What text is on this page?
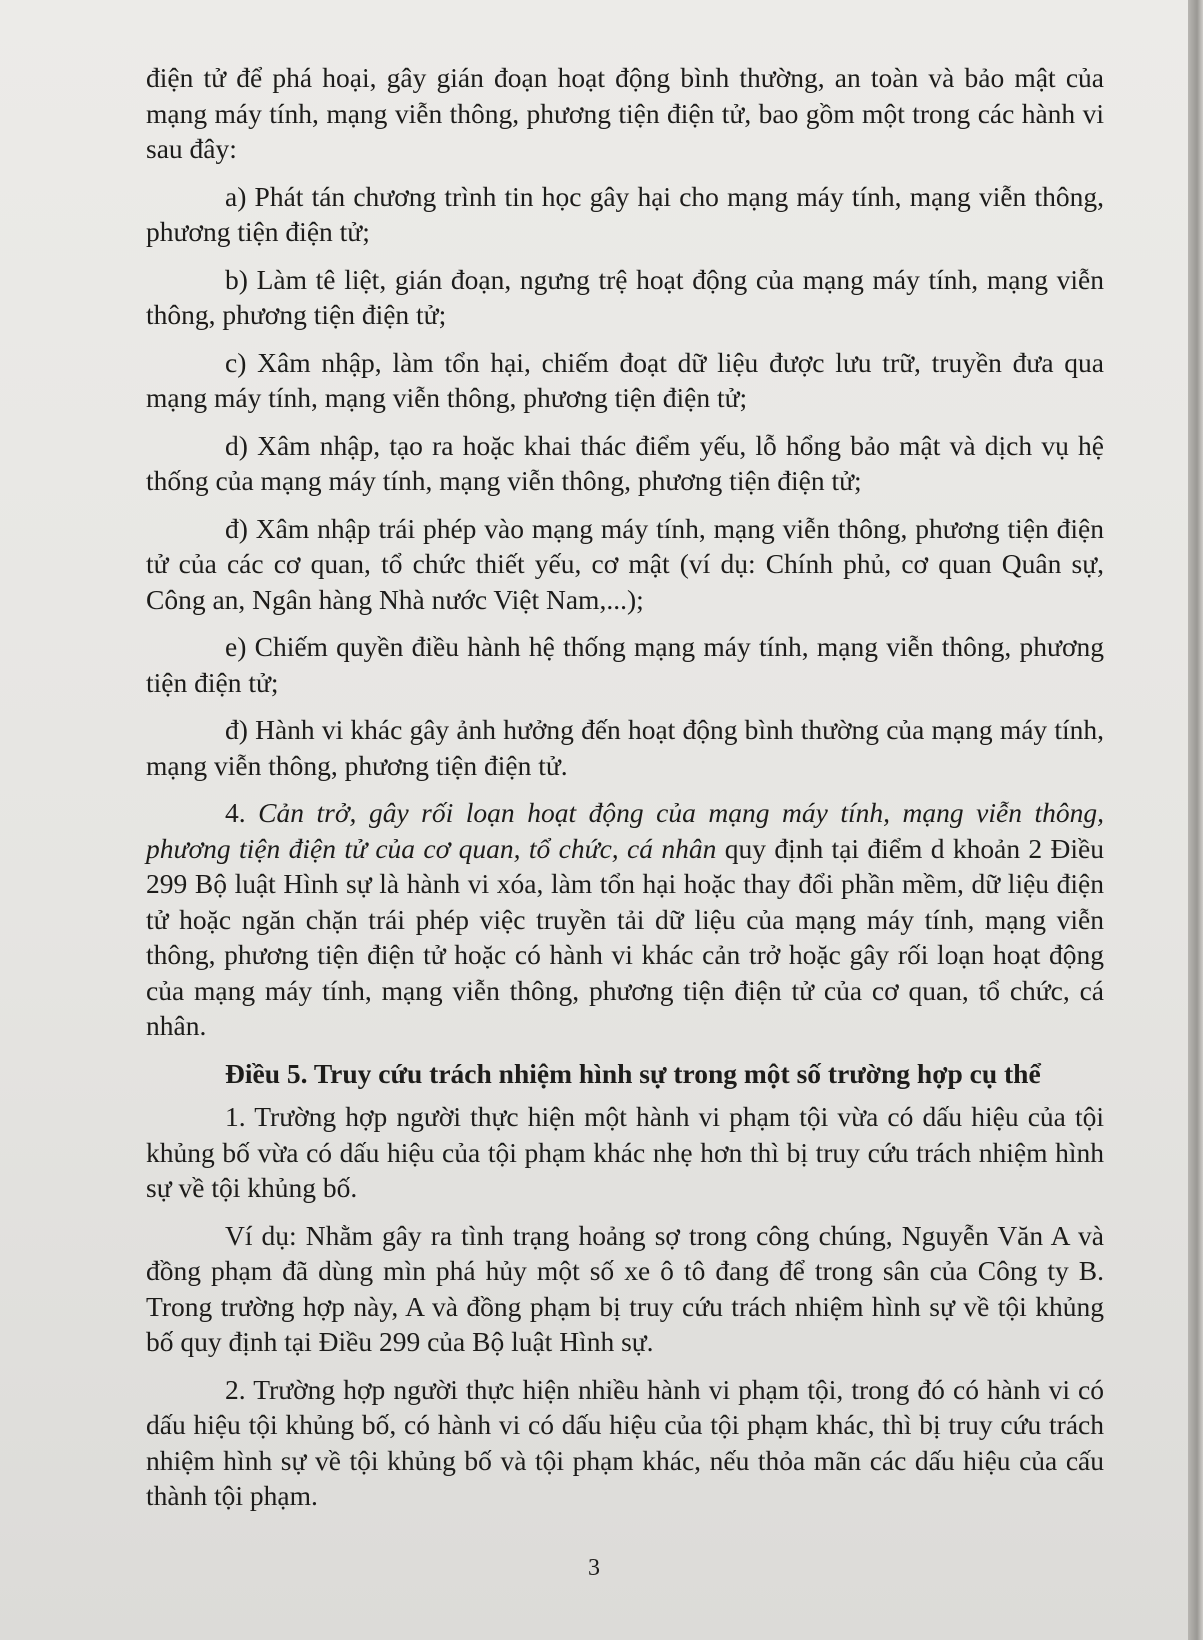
điện tử để phá hoại, gây gián đoạn hoạt động bình thường, an toàn và bảo mật của mạng máy tính, mạng viễn thông, phương tiện điện tử, bao gồm một trong các hành vi sau đây:

a) Phát tán chương trình tin học gây hại cho mạng máy tính, mạng viễn thông, phương tiện điện tử;

b) Làm tê liệt, gián đoạn, ngưng trệ hoạt động của mạng máy tính, mạng viễn thông, phương tiện điện tử;

c) Xâm nhập, làm tổn hại, chiếm đoạt dữ liệu được lưu trữ, truyền đưa qua mạng máy tính, mạng viễn thông, phương tiện điện tử;

d) Xâm nhập, tạo ra hoặc khai thác điểm yếu, lỗ hổng bảo mật và dịch vụ hệ thống của mạng máy tính, mạng viễn thông, phương tiện điện tử;

đ) Xâm nhập trái phép vào mạng máy tính, mạng viễn thông, phương tiện điện tử của các cơ quan, tổ chức thiết yếu, cơ mật (ví dụ: Chính phủ, cơ quan Quân sự, Công an, Ngân hàng Nhà nước Việt Nam,...);

e) Chiếm quyền điều hành hệ thống mạng máy tính, mạng viễn thông, phương tiện điện tử;

đ) Hành vi khác gây ảnh hưởng đến hoạt động bình thường của mạng máy tính, mạng viễn thông, phương tiện điện tử.

4. Cản trở, gây rối loạn hoạt động của mạng máy tính, mạng viễn thông, phương tiện điện tử của cơ quan, tổ chức, cá nhân quy định tại điểm d khoản 2 Điều 299 Bộ luật Hình sự là hành vi xóa, làm tổn hại hoặc thay đổi phần mềm, dữ liệu điện tử hoặc ngăn chặn trái phép việc truyền tải dữ liệu của mạng máy tính, mạng viễn thông, phương tiện điện tử hoặc có hành vi khác cản trở hoặc gây rối loạn hoạt động của mạng máy tính, mạng viễn thông, phương tiện điện tử của cơ quan, tổ chức, cá nhân.

Điều 5. Truy cứu trách nhiệm hình sự trong một số trường hợp cụ thể

1. Trường hợp người thực hiện một hành vi phạm tội vừa có dấu hiệu của tội khủng bố vừa có dấu hiệu của tội phạm khác nhẹ hơn thì bị truy cứu trách nhiệm hình sự về tội khủng bố.

Ví dụ: Nhằm gây ra tình trạng hoảng sợ trong công chúng, Nguyễn Văn A và đồng phạm đã dùng mìn phá hủy một số xe ô tô đang để trong sân của Công ty B. Trong trường hợp này, A và đồng phạm bị truy cứu trách nhiệm hình sự về tội khủng bố quy định tại Điều 299 của Bộ luật Hình sự.

2. Trường hợp người thực hiện nhiều hành vi phạm tội, trong đó có hành vi có dấu hiệu tội khủng bố, có hành vi có dấu hiệu của tội phạm khác, thì bị truy cứu trách nhiệm hình sự về tội khủng bố và tội phạm khác, nếu thỏa mãn các dấu hiệu của cấu thành tội phạm.

3
